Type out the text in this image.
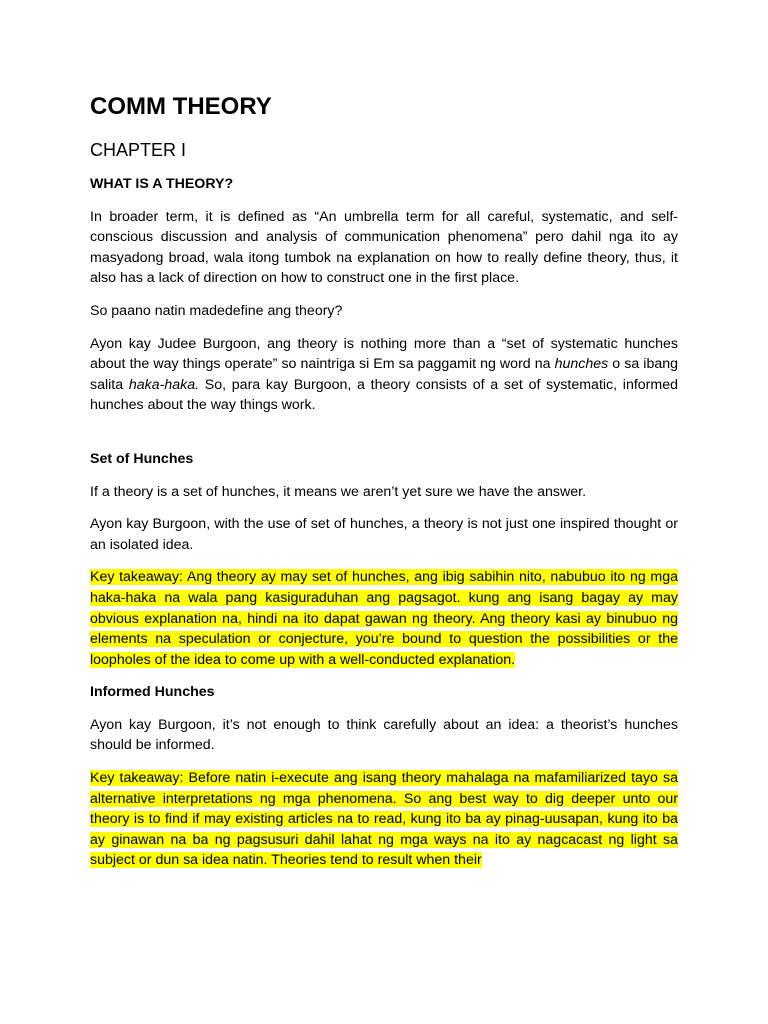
COMM THEORY
CHAPTER I
WHAT IS A THEORY?

In broader term, it is defined as “An umbrella term for all careful, systematic, and self-conscious discussion and analysis of communication phenomena” pero dahil nga ito ay masyadong broad, wala itong tumbok na explanation on how to really define theory, thus, it also has a lack of direction on how to construct one in the first place.

So paano natin madedefine ang theory?

Ayon kay Judee Burgoon, ang theory is nothing more than a “set of systematic hunches about the way things operate” so naintriga si Em sa paggamit ng word na hunches o sa ibang salita haka-haka. So, para kay Burgoon, a theory consists of a set of systematic, informed hunches about the way things work.

Set of Hunches

If a theory is a set of hunches, it means we aren’t yet sure we have the answer.

Ayon kay Burgoon, with the use of set of hunches, a theory is not just one inspired thought or an isolated idea.

Key takeaway: Ang theory ay may set of hunches, ang ibig sabihin nito, nabubuo ito ng mga haka-haka na wala pang kasiguraduhan ang pagsagot. kung ang isang bagay ay may obvious explanation na, hindi na ito dapat gawan ng theory. Ang theory kasi ay binubuo ng elements na speculation or conjecture, you’re bound to question the possibilities or the loopholes of the idea to come up with a well-conducted explanation.

Informed Hunches

Ayon kay Burgoon, it’s not enough to think carefully about an idea: a theorist’s hunches should be informed.

Key takeaway: Before natin i-execute ang isang theory mahalaga na mafamiliarized tayo sa alternative interpretations ng mga phenomena. So ang best way to dig deeper unto our theory is to find if may existing articles na to read, kung ito ba ay pinag-uusapan, kung ito ba ay ginawan na ba ng pagsusuri dahil lahat ng mga ways na ito ay nagcacast ng light sa subject or dun sa idea natin. Theories tend to result when their
